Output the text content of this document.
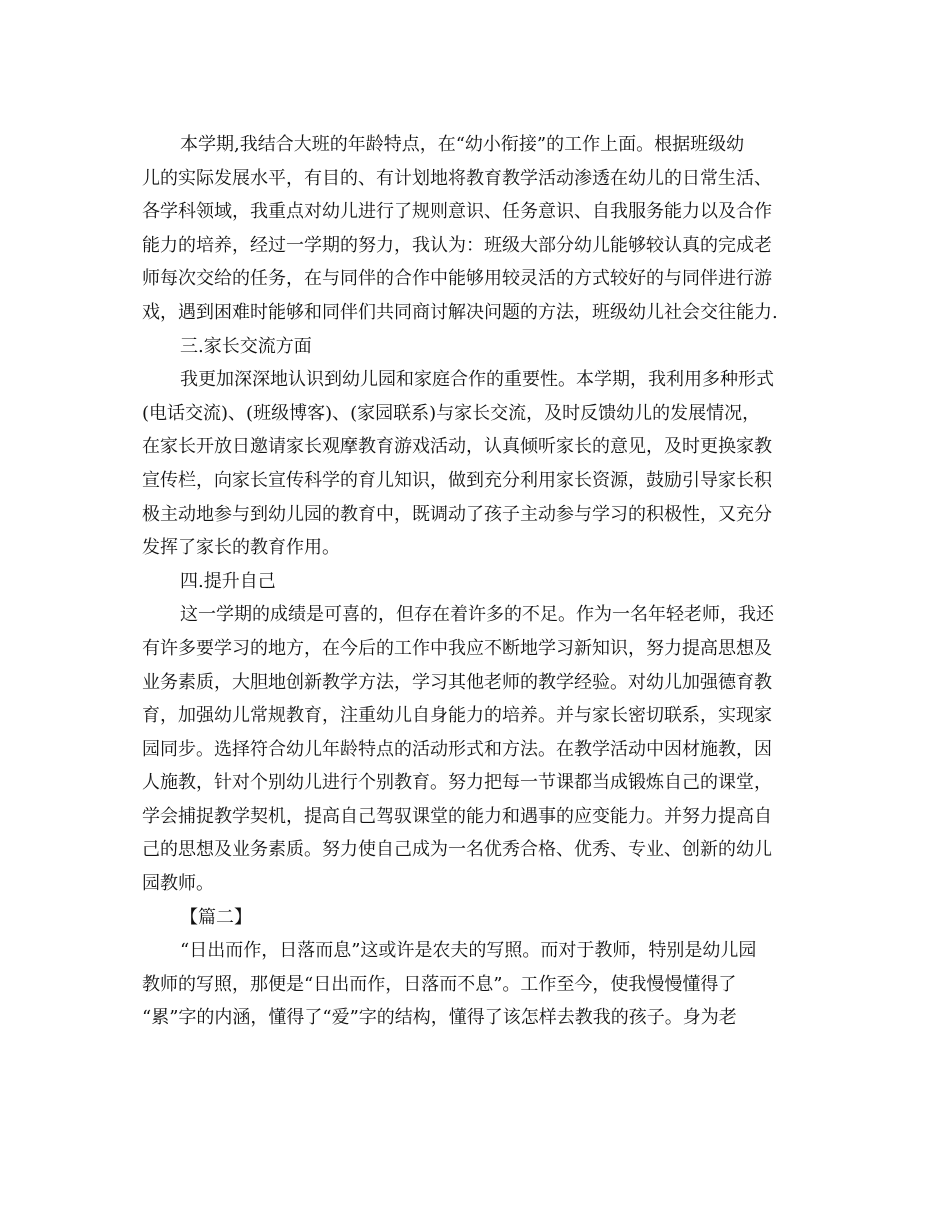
本学期,我结合大班的年龄特点，在“幼小衔接”的工作上面。根据班级幼
儿的实际发展水平，有目的、有计划地将教育教学活动渗透在幼儿的日常生活、
各学科领域，我重点对幼儿进行了规则意识、任务意识、自我服务能力以及合作
能力的培养，经过一学期的努力，我认为：班级大部分幼儿能够较认真的完成老
师每次交给的任务，在与同伴的合作中能够用较灵活的方式较好的与同伴进行游
戏，遇到困难时能够和同伴们共同商讨解决问题的方法，班级幼儿社会交往能力.
三.家长交流方面
我更加深深地认识到幼儿园和家庭合作的重要性。本学期，我利用多种形式
(电话交流)、(班级博客)、(家园联系)与家长交流，及时反馈幼儿的发展情况，
在家长开放日邀请家长观摩教育游戏活动，认真倾听家长的意见，及时更换家教
宣传栏，向家长宣传科学的育儿知识，做到充分利用家长资源，鼓励引导家长积
极主动地参与到幼儿园的教育中，既调动了孩子主动参与学习的积极性，又充分
发挥了家长的教育作用。
四.提升自己
这一学期的成绩是可喜的，但存在着许多的不足。作为一名年轻老师，我还
有许多要学习的地方，在今后的工作中我应不断地学习新知识，努力提高思想及
业务素质，大胆地创新教学方法，学习其他老师的教学经验。对幼儿加强德育教
育，加强幼儿常规教育，注重幼儿自身能力的培养。并与家长密切联系，实现家
园同步。选择符合幼儿年龄特点的活动形式和方法。在教学活动中因材施教，因
人施教，针对个别幼儿进行个别教育。努力把每一节课都当成锻炼自己的课堂，
学会捕捉教学契机，提高自己驾驭课堂的能力和遇事的应变能力。并努力提高自
己的思想及业务素质。努力使自己成为一名优秀合格、优秀、专业、创新的幼儿
园教师。
【篇二】
“日出而作，日落而息”这或许是农夫的写照。而对于教师，特别是幼儿园
教师的写照，那便是“日出而作，日落而不息”。工作至今，使我慢慢懂得了
“累”字的内涵，懂得了“爱”字的结构，懂得了该怎样去教我的孩子。身为老
